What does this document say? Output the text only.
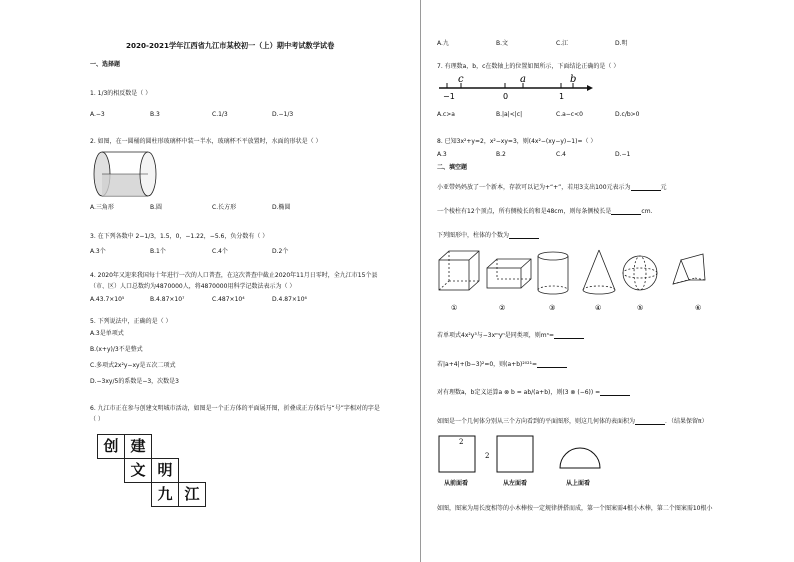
2020-2021学年江西省九江市某校初一（上）期中考试数学试卷
一、选择题
1. 1/3的相反数是（ ）
A.−3	B.3	C.1/3	D.−1/3
2. 如图，在一圆桶的圆柱形玻璃杯中装一半水，玻璃杯不平放置时，水面的形状是（ ）
A.三角形	B.圆	C.长方形	D.椭圆
3. 在下列各数中 2−1/3，1.5，0，−1.22，−5.6，负分数有（ ）
A.3个	B.1个	C.4个	D.2个
4. 2020年又迎来我国每十年进行一次的人口普查，在这次普查中截止2020年11月日零时，全九江市15个县
（市、区）人口总数约为4870000人，将4870000用科学记数法表示为（ ）
A.43.7×10⁵	B.4.87×10⁷	C.487×10⁴	D.4.87×10⁶
5. 下列说法中，正确的是（ ）
A.3是单项式
B.(x+y)/3不是整式
C.多项式2x²y−xy是五次二项式
D.−3xy/5的系数是−3，次数是3
6. 九江市正在参与创建文明城市活动，如图是一个正方体的平面展开图，折叠成正方体后与“号”字相对的字是
（ ）
创 建
文 明
九 江
A.九	B.文	C.江	D.明
7. 有理数a，b，c在数轴上的位置如图所示，下面结论正确的是（ ）
c	a	b
−1	0	1
A.c>a	B.|a|<|c|	C.a−c<0	D.c/b>0
8. 已知3x²+y=2，x²−xy=3，则(4x²−(xy−y)−1)=（ ）
A.3	B.2	C.4	D.−1
二、填空题
小亚带妈妈放了一个新本，存款可以记为+“+”，若用3支出100元表示为	元
一个棱柱有12个顶点，所有侧棱长的和是48cm，则每条侧棱长是	cm.
下列图形中，柱体的个数为
①	②	③	④	⑤	⑥
若单项式4x²y³与−3xᵐyⁿ是同类项，则mⁿ=
若|a+4|+(b−3)²=0，则(a+b)²⁰²¹=
对有理数a，b定义运算a ⊗ b = ab/(a+b)，则(3 ⊗ (−6)) =
如图是一个几何体分别从三个方向看到的平面图形，则这几何体的表面积为	．（结果保留π）
2
2
从前面看	从左面看	从上面看
如图，图案为用长度相等的小木棒按一定规律拼搭而成，第一个图案需4根小木棒，第二个图案需10根小
